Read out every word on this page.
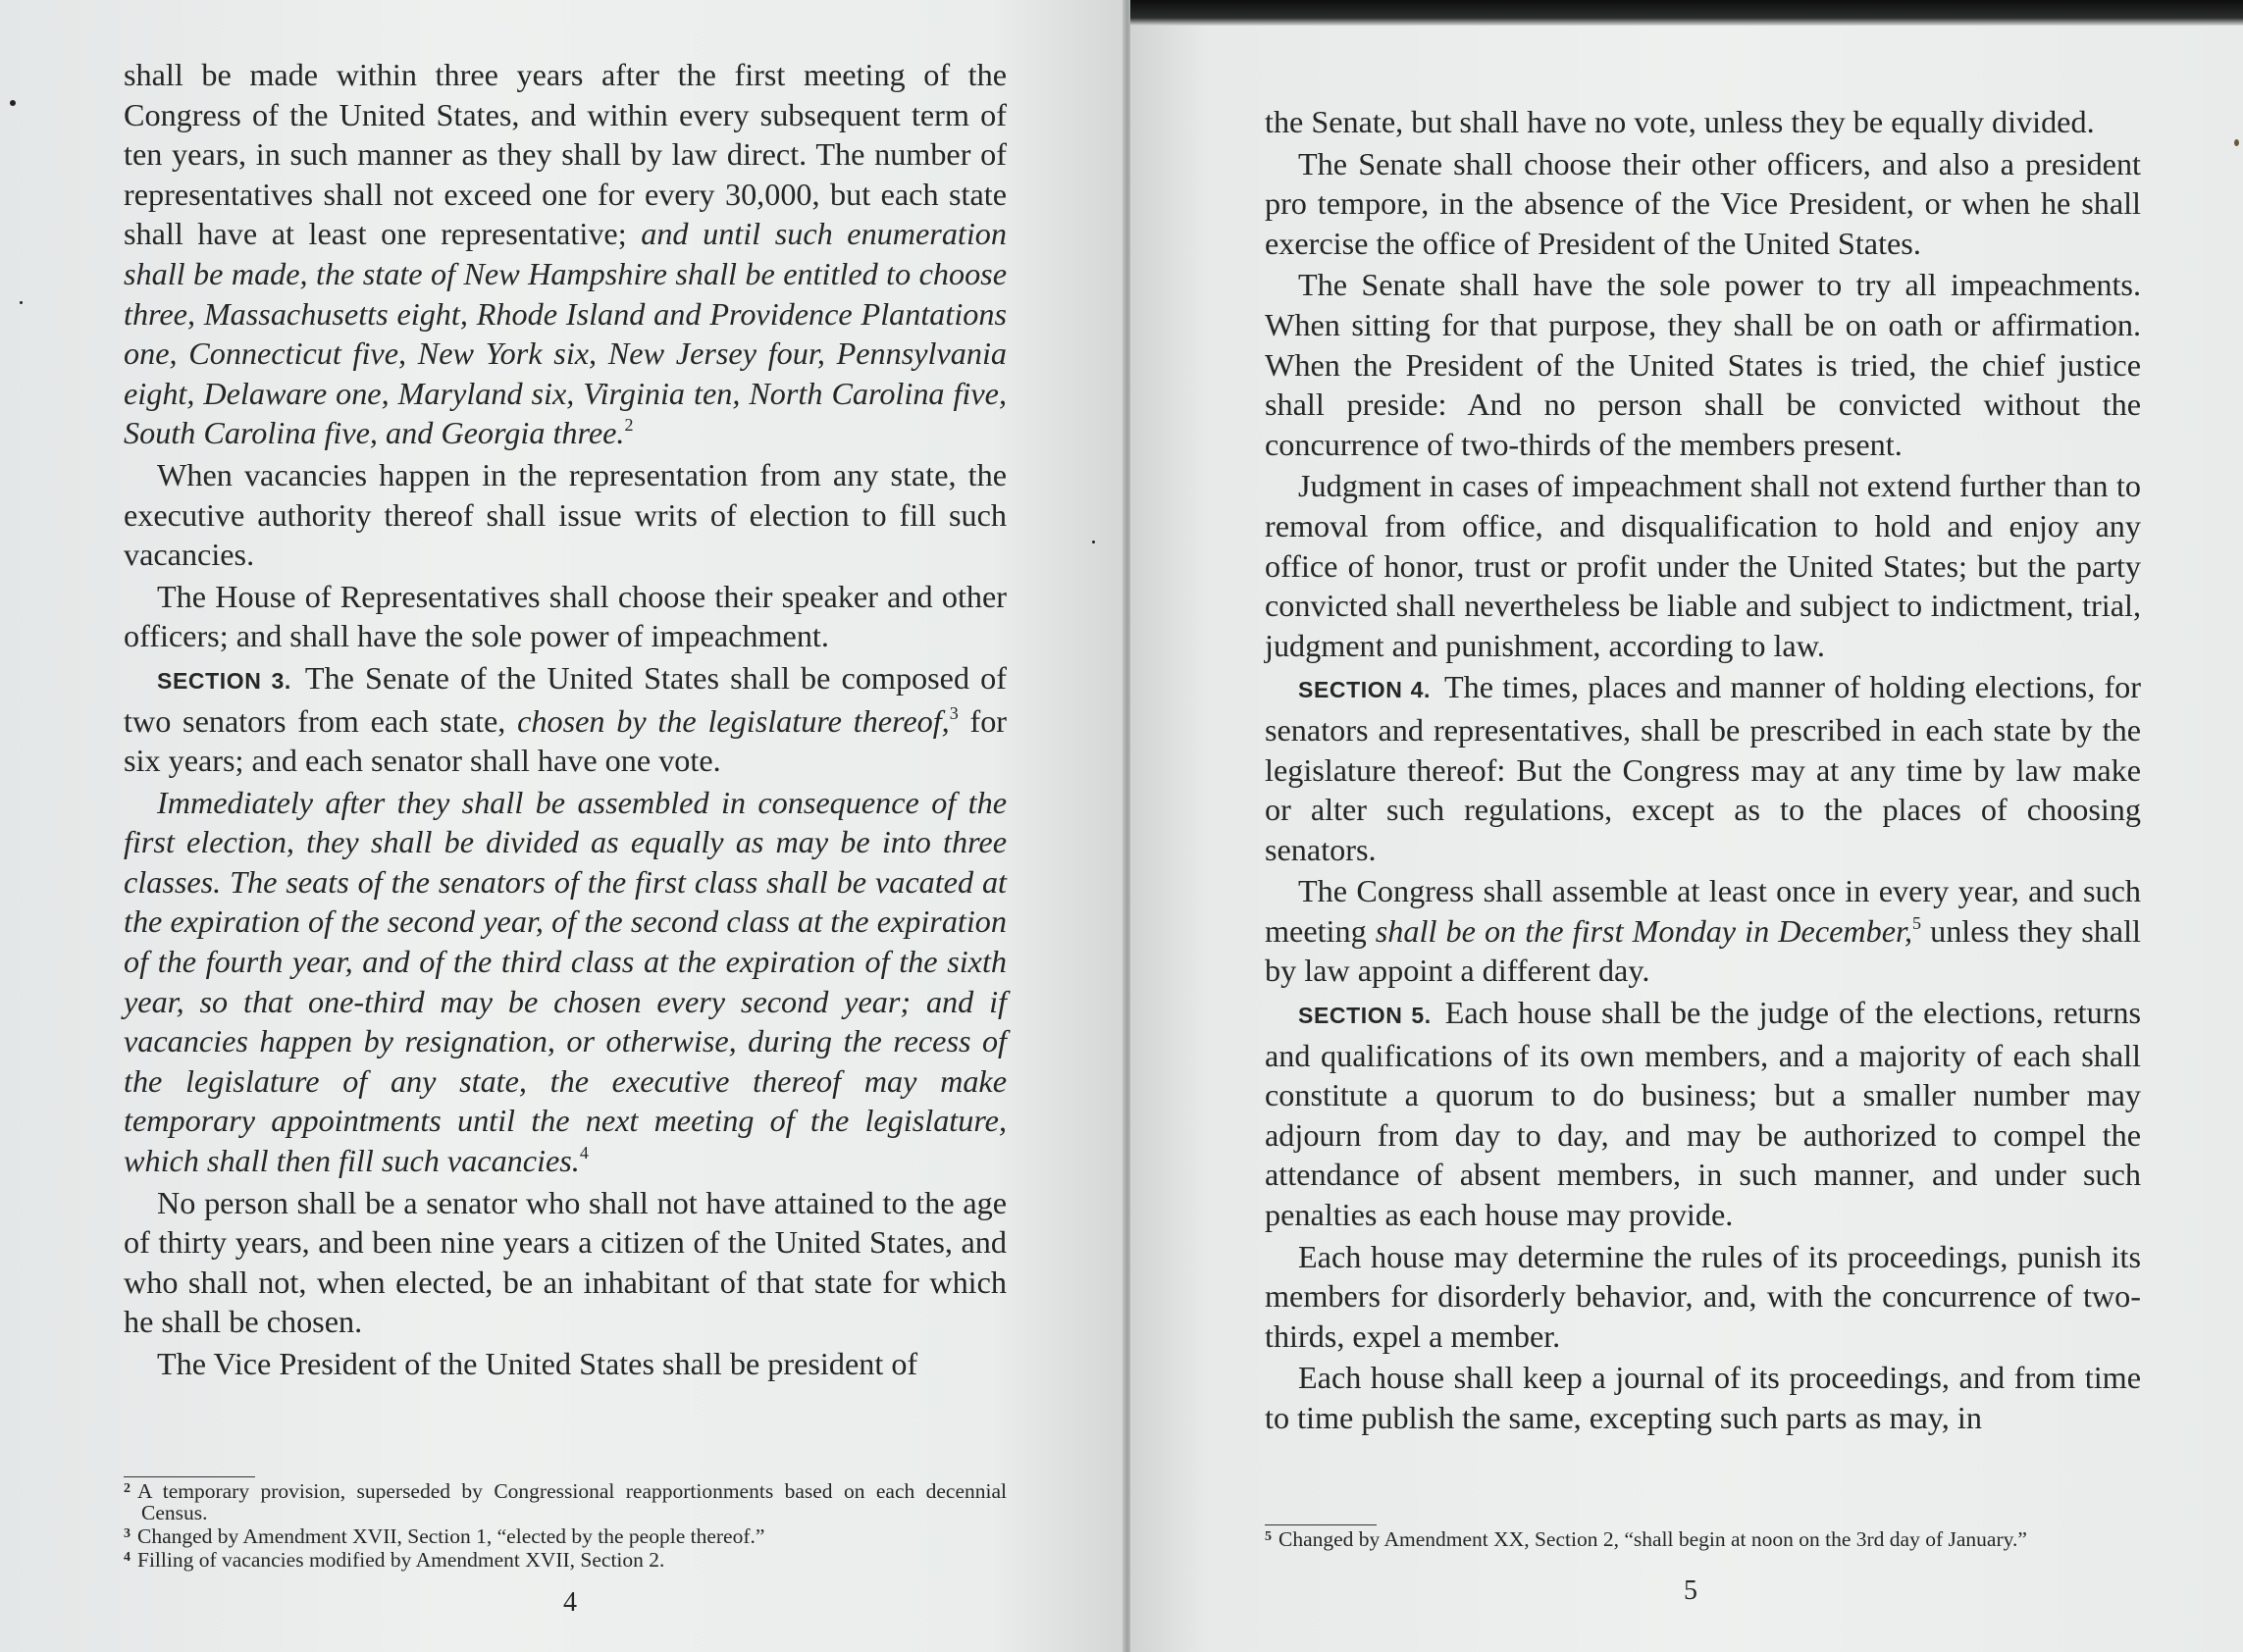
shall be made within three years after the first meeting of the Congress of the United States, and within every subsequent term of ten years, in such manner as they shall by law direct. The number of representatives shall not exceed one for every 30,000, but each state shall have at least one representative; and until such enumeration shall be made, the state of New Hampshire shall be entitled to choose three, Massachusetts eight, Rhode Island and Providence Plantations one, Connecticut five, New York six, New Jersey four, Pennsylvania eight, Delaware one, Maryland six, Virginia ten, North Carolina five, South Carolina five, and Georgia three.$^2$

When vacancies happen in the representation from any state, the executive authority thereof shall issue writs of election to fill such vacancies.

The House of Representatives shall choose their speaker and other officers; and shall have the sole power of impeachment.

SECTION 3. The Senate of the United States shall be composed of two senators from each state, chosen by the legislature thereof,$^3$ for six years; and each senator shall have one vote.

Immediately after they shall be assembled in consequence of the first election, they shall be divided as equally as may be into three classes. The seats of the senators of the first class shall be vacated at the expiration of the second year, of the second class at the expiration of the fourth year, and of the third class at the expiration of the sixth year, so that one-third may be chosen every second year; and if vacancies happen by resignation, or otherwise, during the recess of the legislature of any state, the executive thereof may make temporary appointments until the next meeting of the legislature, which shall then fill such vacancies.$^4$

No person shall be a senator who shall not have attained to the age of thirty years, and been nine years a citizen of the United States, and who shall not, when elected, be an inhabitant of that state for which he shall be chosen.

The Vice President of the United States shall be president of

$^2$ A temporary provision, superseded by Congressional reapportionments based on each decennial Census.

$^3$ Changed by Amendment XVII, Section 1, “elected by the people thereof.”

$^4$ Filling of vacancies modified by Amendment XVII, Section 2.

4

the Senate, but shall have no vote, unless they be equally divided.

The Senate shall choose their other officers, and also a president pro tempore, in the absence of the Vice President, or when he shall exercise the office of President of the United States.

The Senate shall have the sole power to try all impeachments. When sitting for that purpose, they shall be on oath or affirmation. When the President of the United States is tried, the chief justice shall preside: And no person shall be convicted without the concurrence of two-thirds of the members present.

Judgment in cases of impeachment shall not extend further than to removal from office, and disqualification to hold and enjoy any office of honor, trust or profit under the United States; but the party convicted shall nevertheless be liable and subject to indictment, trial, judgment and punishment, according to law.

SECTION 4. The times, places and manner of holding elections, for senators and representatives, shall be prescribed in each state by the legislature thereof: But the Congress may at any time by law make or alter such regulations, except as to the places of choosing senators.

The Congress shall assemble at least once in every year, and such meeting shall be on the first Monday in December,$^5$ unless they shall by law appoint a different day.

SECTION 5. Each house shall be the judge of the elections, returns and qualifications of its own members, and a majority of each shall constitute a quorum to do business; but a smaller number may adjourn from day to day, and may be authorized to compel the attendance of absent members, in such manner, and under such penalties as each house may provide.

Each house may determine the rules of its proceedings, punish its members for disorderly behavior, and, with the concurrence of two-thirds, expel a member.

Each house shall keep a journal of its proceedings, and from time to time publish the same, excepting such parts as may, in

$^5$ Changed by Amendment XX, Section 2, “shall begin at noon on the 3rd day of January.”

5
